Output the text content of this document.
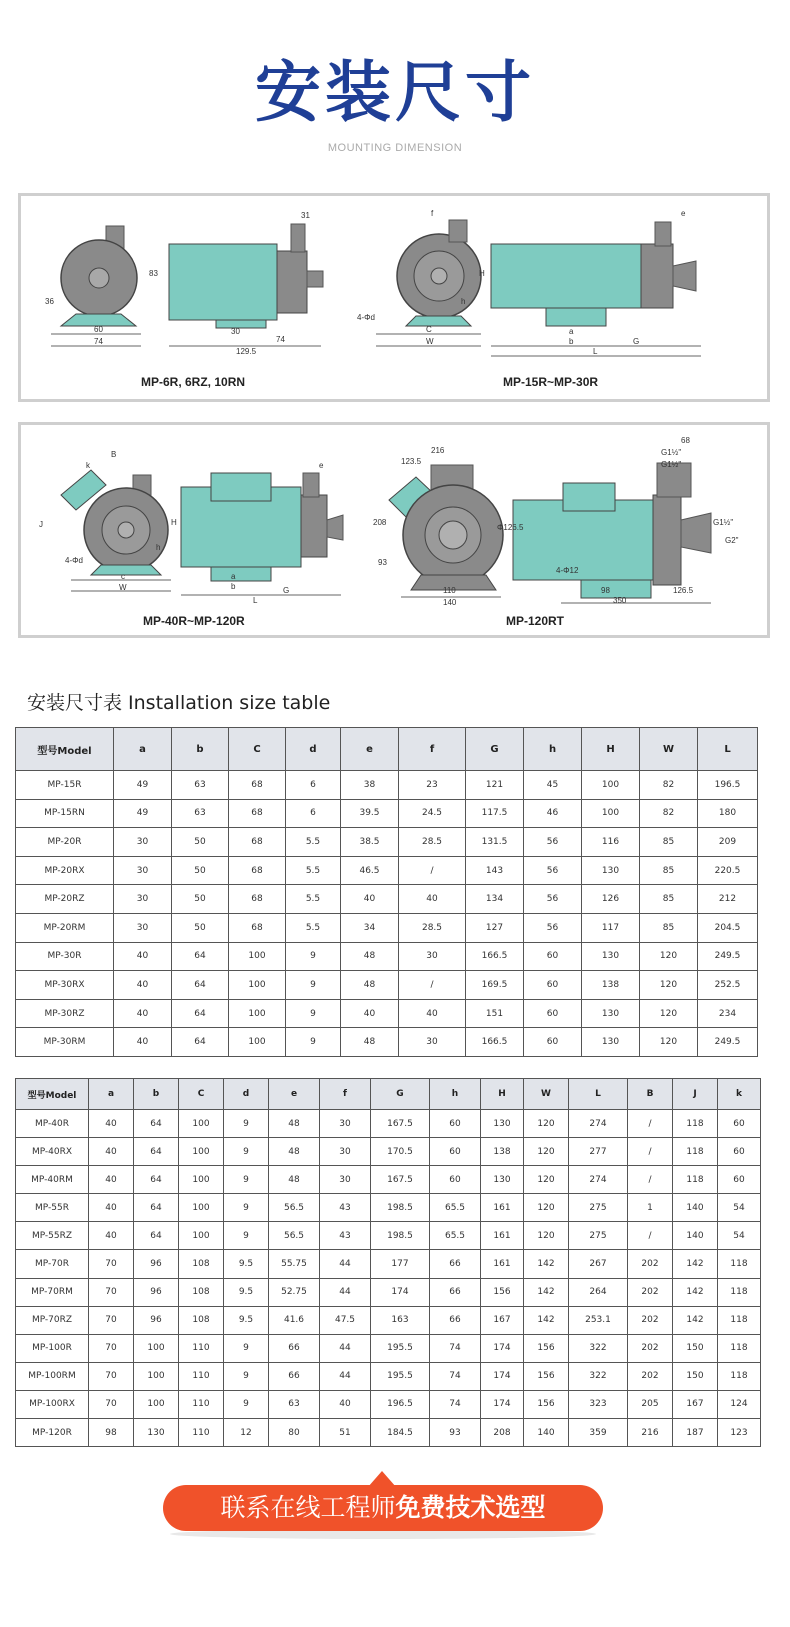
安装尺寸
MOUNTING DIMENSION
MP-6R, 6RZ, 10RN	MP-15R~MP-30R
31
83
36
60
74
30
74
129.5
f	e
H
h
4-Φd
C
W
a
b	G
L
MP-40R~MP-120R	MP-120RT
B
k
J	H
h
4-Φd
c
W
e
a
b	G
L
216
123.5
208
93
Φ126.5
4-Φ12
110
140
68
G1½"
G1½"
G1½"
G2"
98	126.5
350
安装尺寸表 Installation size table
型号Model	a	b	C	d	e	f	G	h	H	W	L
MP-15R	49	63	68	6	38	23	121	45	100	82	196.5
MP-15RN	49	63	68	6	39.5	24.5	117.5	46	100	82	180
MP-20R	30	50	68	5.5	38.5	28.5	131.5	56	116	85	209
MP-20RX	30	50	68	5.5	46.5	/	143	56	130	85	220.5
MP-20RZ	30	50	68	5.5	40	40	134	56	126	85	212
MP-20RM	30	50	68	5.5	34	28.5	127	56	117	85	204.5
MP-30R	40	64	100	9	48	30	166.5	60	130	120	249.5
MP-30RX	40	64	100	9	48	/	169.5	60	138	120	252.5
MP-30RZ	40	64	100	9	40	40	151	60	130	120	234
MP-30RM	40	64	100	9	48	30	166.5	60	130	120	249.5
型号Model	a	b	C	d	e	f	G	h	H	W	L	B	J	k
MP-40R	40	64	100	9	48	30	167.5	60	130	120	274	/	118	60
MP-40RX	40	64	100	9	48	30	170.5	60	138	120	277	/	118	60
MP-40RM	40	64	100	9	48	30	167.5	60	130	120	274	/	118	60
MP-55R	40	64	100	9	56.5	43	198.5	65.5	161	120	275	1	140	54
MP-55RZ	40	64	100	9	56.5	43	198.5	65.5	161	120	275	/	140	54
MP-70R	70	96	108	9.5	55.75	44	177	66	161	142	267	202	142	118
MP-70RM	70	96	108	9.5	52.75	44	174	66	156	142	264	202	142	118
MP-70RZ	70	96	108	9.5	41.6	47.5	163	66	167	142	253.1	202	142	118
MP-100R	70	100	110	9	66	44	195.5	74	174	156	322	202	150	118
MP-100RM	70	100	110	9	66	44	195.5	74	174	156	322	202	150	118
MP-100RX	70	100	110	9	63	40	196.5	74	174	156	323	205	167	124
MP-120R	98	130	110	12	80	51	184.5	93	208	140	359	216	187	123
联系在线工程师免费技术选型
